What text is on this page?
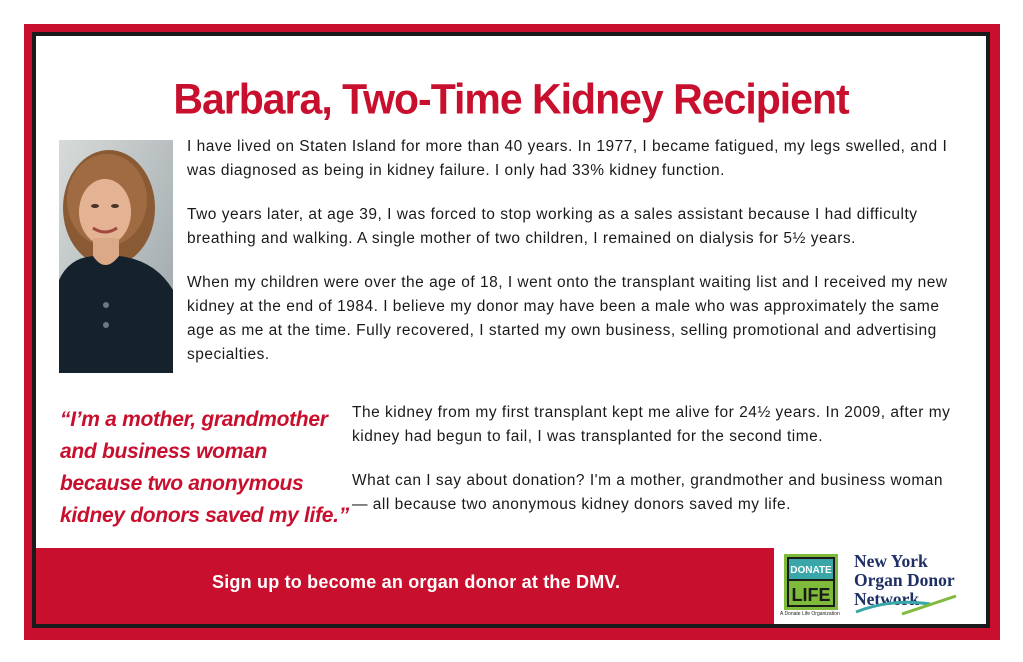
Barbara, Two-Time Kidney Recipient

I have lived on Staten Island for more than 40 years. In 1977, I became fatigued, my legs swelled, and I was diagnosed as being in kidney failure. I only had 33% kidney function.

Two years later, at age 39, I was forced to stop working as a sales assistant because I had difficulty breathing and walking. A single mother of two children, I remained on dialysis for 5½ years.

When my children were over the age of 18, I went onto the transplant waiting list and I received my new kidney at the end of 1984. I believe my donor may have been a male who was approximately the same age as me at the time. Fully recovered, I started my own business, selling promotional and advertising specialties.

“I’m a mother, grandmother and business woman because two anonymous kidney donors saved my life.”

The kidney from my first transplant kept me alive for 24½ years. In 2009, after my kidney had begun to fail, I was transplanted for the second time.

What can I say about donation? I'm a mother, grandmother and business woman — all because two anonymous kidney donors saved my life.

Sign up to become an organ donor at the DMV.
DONATE
LIFE
A Donate Life Organization
New York
Organ Donor
Network
